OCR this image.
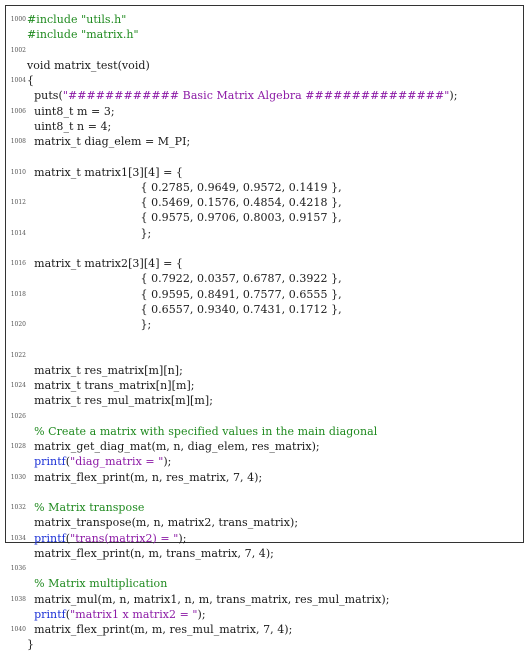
1000 #include "utils.h"
#include "matrix.h"
1002
void matrix_test(void)
1004 {
puts("############ Basic Matrix Algebra ###############");
1006 uint8_t m = 3;
uint8_t n = 4;
1008 matrix_t diag_elem = M_PI;
1010 matrix_t matrix1[3][4] = {
{ 0.2785, 0.9649, 0.9572, 0.1419 },
1012 { 0.5469, 0.1576, 0.4854, 0.4218 },
{ 0.9575, 0.9706, 0.8003, 0.9157 },
1014 };
1016 matrix_t matrix2[3][4] = {
{ 0.7922, 0.0357, 0.6787, 0.3922 },
1018 { 0.9595, 0.8491, 0.7577, 0.6555 },
{ 0.6557, 0.9340, 0.7431, 0.1712 },
1020 };
1022
matrix_t res_matrix[m][n];
1024 matrix_t trans_matrix[n][m];
matrix_t res_mul_matrix[m][m];
1026
% Create a matrix with specified values in the main diagonal
1028 matrix_get_diag_mat(m, n, diag_elem, res_matrix);
printf("diag_matrix = ");
1030 matrix_flex_print(m, n, res_matrix, 7, 4);
1032 % Matrix transpose
matrix_transpose(m, n, matrix2, trans_matrix);
1034 printf("trans(matrix2) = ");
matrix_flex_print(n, m, trans_matrix, 7, 4);
1036
% Matrix multiplication
1038 matrix_mul(m, n, matrix1, n, m, trans_matrix, res_mul_matrix);
printf("matrix1 x matrix2 = ");
1040 matrix_flex_print(m, m, res_mul_matrix, 7, 4);
}
